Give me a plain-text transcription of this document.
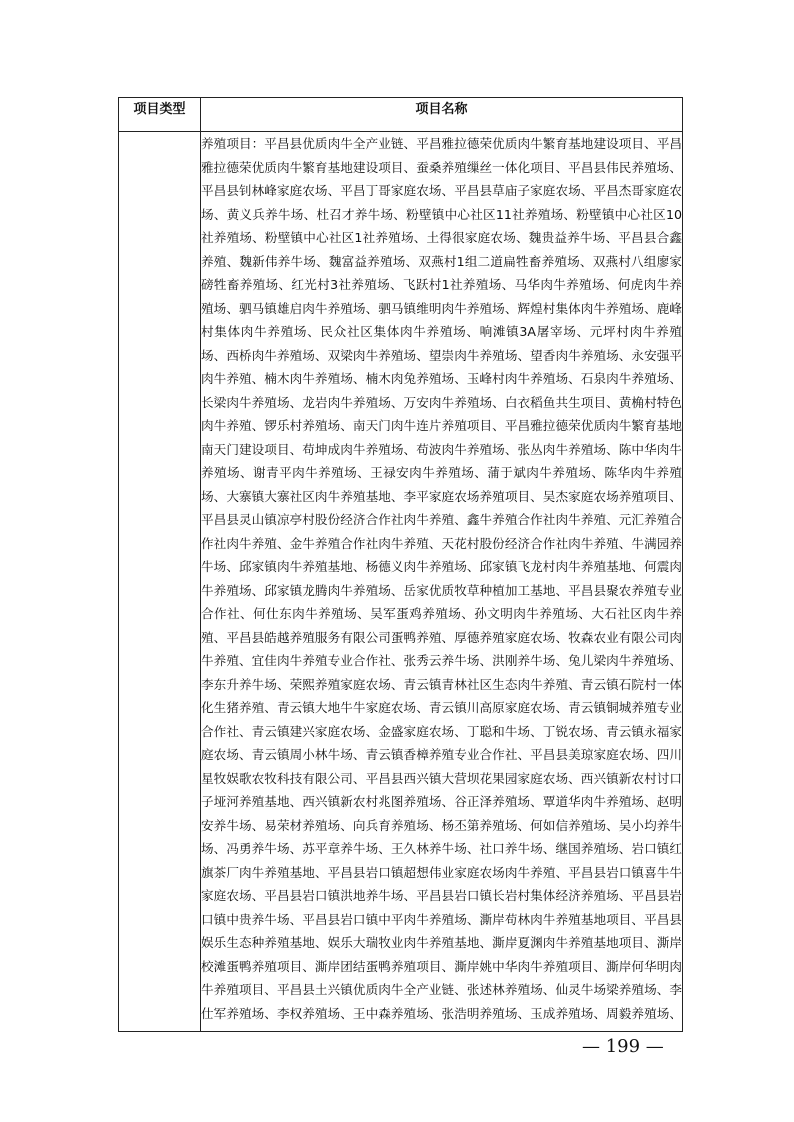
项目类型	项目名称

	养殖项目：平昌县优质肉牛全产业链、平昌雅拉德荣优质肉牛繁育基地建设项目、平昌雅拉德荣优质肉牛繁育基地建设项目、蚕桑养殖缫丝一体化项目、平昌县伟民养殖场、平昌县钊林峰家庭农场、平昌丁哥家庭农场、平昌县草庙子家庭农场、平昌杰哥家庭农场、黄义兵养牛场、杜召才养牛场、粉壁镇中心社区11社养殖场、粉壁镇中心社区10社养殖场、粉壁镇中心社区1社养殖场、土得很家庭农场、魏贵益养牛场、平昌县合鑫养殖、魏新伟养牛场、魏富益养殖场、双燕村1组二道扁牲畜养殖场、双燕村八组廖家磅牲畜养殖场、红光村3社养殖场、飞跃村1社养殖场、马华肉牛养殖场、何虎肉牛养殖场、驷马镇雄启肉牛养殖场、驷马镇维明肉牛养殖场、辉煌村集体肉牛养殖场、鹿峰村集体肉牛养殖场、民众社区集体肉牛养殖场、响滩镇3A屠宰场、元坪村肉牛养殖场、西桥肉牛养殖场、双梁肉牛养殖场、望崇肉牛养殖场、望香肉牛养殖场、永安强平肉牛养殖、楠木肉牛养殖场、楠木肉兔养殖场、玉峰村肉牛养殖场、石泉肉牛养殖场、长梁肉牛养殖场、龙岩肉牛养殖场、万安肉牛养殖场、白衣稻鱼共生项目、黄桷村特色肉牛养殖、锣乐村养殖场、南天门肉牛连片养殖项目、平昌雅拉德荣优质肉牛繁育基地南天门建设项目、苟坤成肉牛养殖场、苟波肉牛养殖场、张丛肉牛养殖场、陈中华肉牛养殖场、谢青平肉牛养殖场、王禄安肉牛养殖场、蒲于斌肉牛养殖场、陈华肉牛养殖场、大寨镇大寨社区肉牛养殖基地、李平家庭农场养殖项目、吴杰家庭农场养殖项目、平昌县灵山镇凉亭村股份经济合作社肉牛养殖、鑫牛养殖合作社肉牛养殖、元汇养殖合作社肉牛养殖、金牛养殖合作社肉牛养殖、天花村股份经济合作社肉牛养殖、牛满园养牛场、邱家镇肉牛养殖基地、杨德义肉牛养殖场、邱家镇飞龙村肉牛养殖基地、何震肉牛养殖场、邱家镇龙腾肉牛养殖场、岳家优质牧草种植加工基地、平昌县聚农养殖专业合作社、何仕东肉牛养殖场、吴军蛋鸡养殖场、孙文明肉牛养殖场、大石社区肉牛养殖、平昌县皓越养殖服务有限公司蛋鸭养殖、厚德养殖家庭农场、牧森农业有限公司肉牛养殖、宜佳肉牛养殖专业合作社、张秀云养牛场、洪刚养牛场、兔儿梁肉牛养殖场、李东升养牛场、荣熙养殖家庭农场、青云镇青林社区生态肉牛养殖、青云镇石院村一体化生猪养殖、青云镇大地牛牛家庭农场、青云镇川高原家庭农场、青云镇铜城养殖专业合作社、青云镇建兴家庭农场、金盛家庭农场、丁聪和牛场、丁锐农场、青云镇永福家庭农场、青云镇周小林牛场、青云镇香樟养殖专业合作社、平昌县美琼家庭农场、四川星牧娱歌农牧科技有限公司、平昌县西兴镇大营坝花果园家庭农场、西兴镇新农村讨口子垭河养殖基地、西兴镇新农村兆图养殖场、谷正泽养殖场、覃道华肉牛养殖场、赵明安养牛场、易荣材养殖场、向兵育养殖场、杨丕第养殖场、何如信养殖场、吴小均养牛场、冯勇养牛场、苏平章养牛场、王久林养牛场、社口养牛场、继国养殖场、岩口镇红旗茶厂肉牛养殖基地、平昌县岩口镇超想伟业家庭农场肉牛养殖、平昌县岩口镇喜牛牛家庭农场、平昌县岩口镇洪地养牛场、平昌县岩口镇长岩村集体经济养殖场、平昌县岩口镇中贵养牛场、平昌县岩口镇中平肉牛养殖场、澌岸苟林肉牛养殖基地项目、平昌县娱乐生态种养殖基地、娱乐大瑞牧业肉牛养殖基地、澌岸夏渊肉牛养殖基地项目、澌岸校滩蛋鸭养殖项目、澌岸团结蛋鸭养殖项目、澌岸姚中华肉牛养殖项目、澌岸何华明肉牛养殖项目、平昌县土兴镇优质肉牛全产业链、张述林养殖场、仙灵牛场梁养殖场、李仕军养殖场、李权养殖场、王中森养殖场、张浩明养殖场、玉成养殖场、周毅养殖场、
— 199 —
